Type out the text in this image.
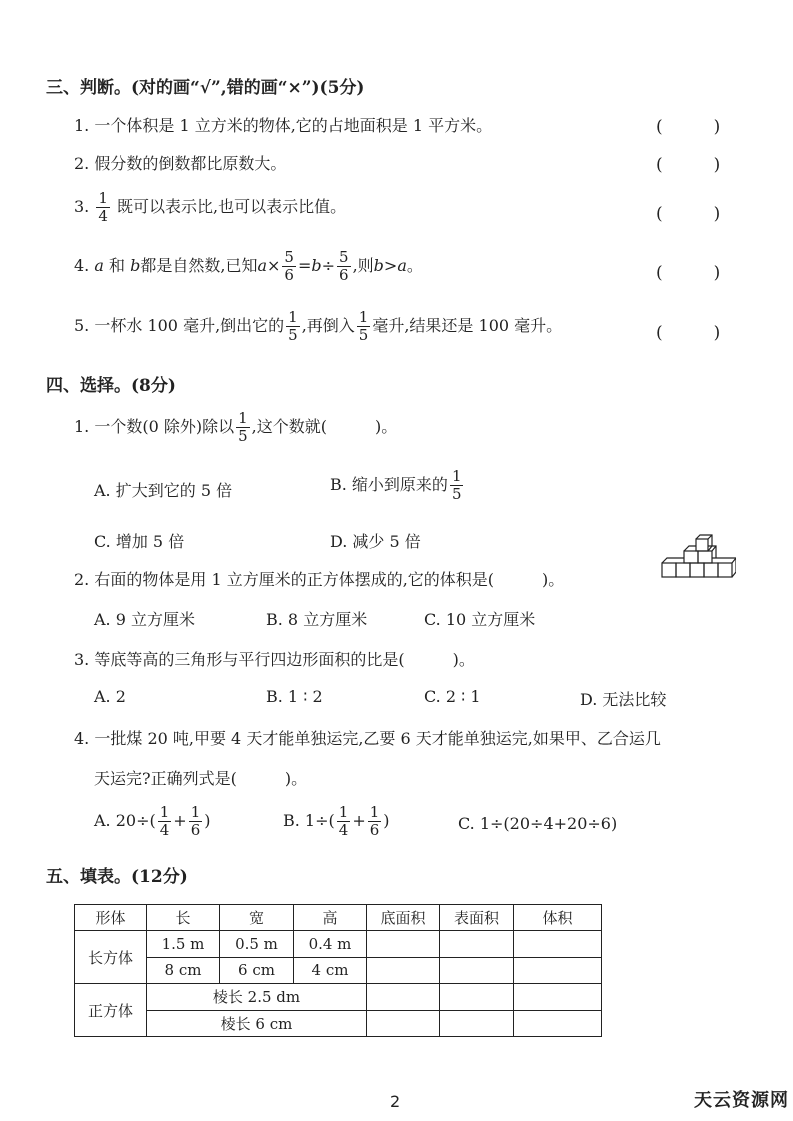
三、判断。(对的画“√”,错的画“×”)(5分)
1. 一个体积是 1 立方米的物体,它的占地面积是 1 平方米。	(　　　)
2. 假分数的倒数都比原数大。	(　　　)
3. $\frac{1}{4}$ 既可以表示比,也可以表示比值。	(　　　)
4. a 和 b都是自然数,已知$a\times \frac{5}{6} =b\div \frac{5}{6}$ ,则b>a。	(　　　)
5. 一杯水 100 毫升,倒出它的 $\frac{1}{5}$ ,再倒入 $\frac{1}{5}$ 毫升,结果还是 100 毫升。	(　　　)
四、选择。(8分)
1. 一个数(0 除外)除以 $\frac{1}{5}$ ,这个数就(　　　)。
A. 扩大到它的 5 倍	B. 缩小到原来的 $\frac{1}{5}$
C. 增加 5 倍	D. 减少 5 倍
2. 右面的物体是用 1 立方厘米的正方体摆成的,它的体积是(　　　)。
A. 9 立方厘米	B. 8 立方厘米	C. 10 立方厘米
3. 等底等高的三角形与平行四边形面积的比是(　　　)。
A. 2	B. 1 ∶ 2	C. 2 ∶ 1	D. 无法比较
4. 一批煤 20 吨,甲要 4 天才能单独运完,乙要 6 天才能单独运完,如果甲、乙合运几
天运完?正确列式是(　　　)。
A. $20\div( \frac{1}{4} + \frac{1}{6}$ )	B. $1\div( \frac{1}{4} + \frac{1}{6}$ )	C. 1÷(20÷4+20÷6)
五、填表。(12分)
形体	长	宽	高	底面积	表面积	体积
长方体	1.5 m	0.5 m	0.4 m			
	8 cm	6 cm	4 cm			
正方体	棱长 2.5 dm					
	棱长 6 cm					
2	天云资源网
